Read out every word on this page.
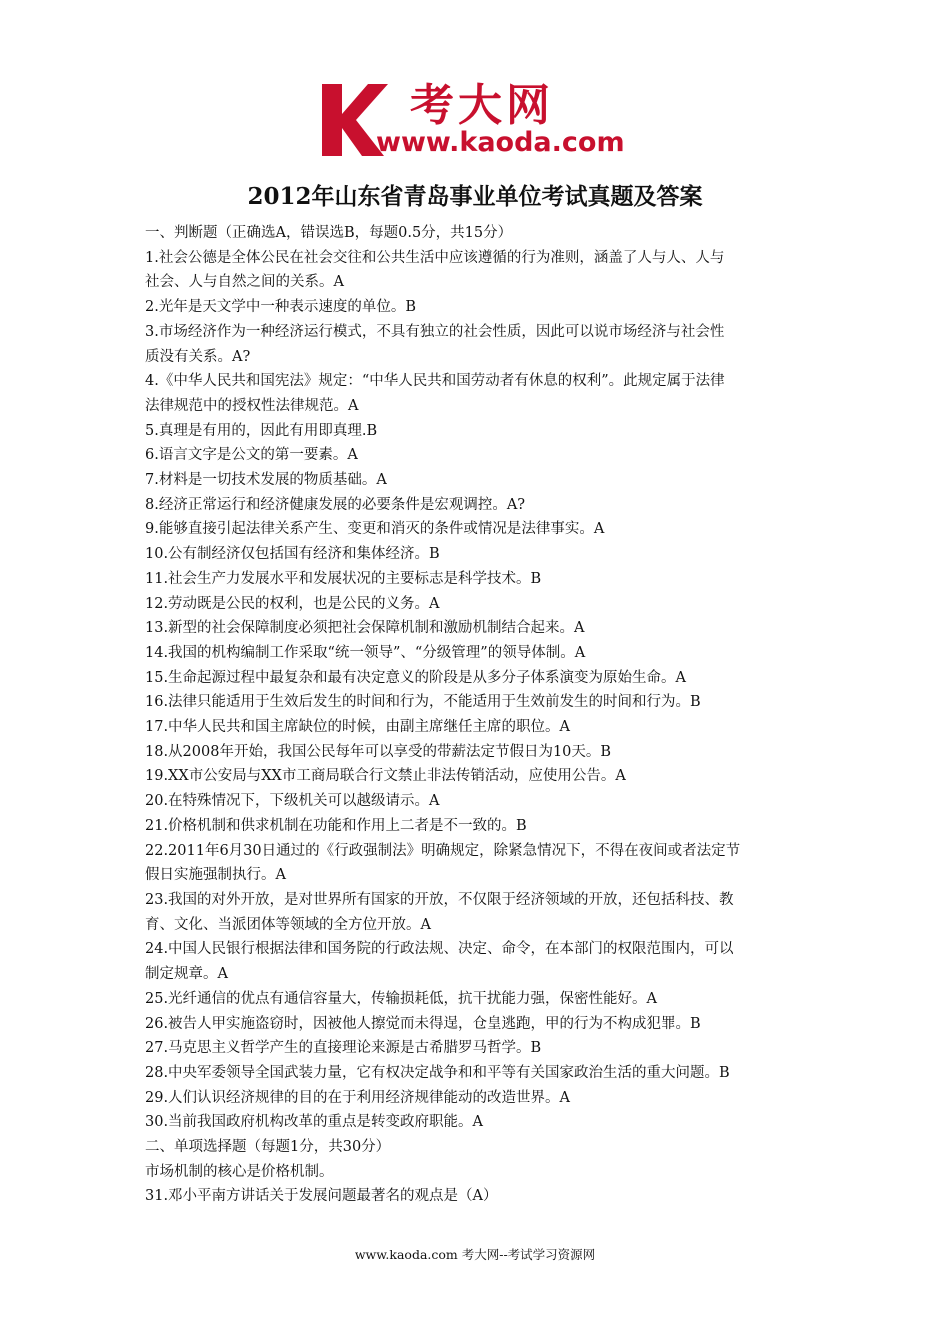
考大网
www.kaoda.com
2012年山东省青岛事业单位考试真题及答案
一、判断题（正确选A，错误选B，每题0.5分，共15分）
1.社会公德是全体公民在社会交往和公共生活中应该遵循的行为准则，涵盖了人与人、人与
社会、人与自然之间的关系。A
2.光年是天文学中一种表示速度的单位。B
3.市场经济作为一种经济运行模式，不具有独立的社会性质，因此可以说市场经济与社会性
质没有关系。A?
4.《中华人民共和国宪法》规定：“中华人民共和国劳动者有休息的权利”。此规定属于法律
法律规范中的授权性法律规范。A
5.真理是有用的，因此有用即真理.B
6.语言文字是公文的第一要素。A
7.材料是一切技术发展的物质基础。A
8.经济正常运行和经济健康发展的必要条件是宏观调控。A?
9.能够直接引起法律关系产生、变更和消灭的条件或情况是法律事实。A
10.公有制经济仅包括国有经济和集体经济。B
11.社会生产力发展水平和发展状况的主要标志是科学技术。B
12.劳动既是公民的权利，也是公民的义务。A
13.新型的社会保障制度必须把社会保障机制和激励机制结合起来。A
14.我国的机构编制工作采取“统一领导”、“分级管理”的领导体制。A
15.生命起源过程中最复杂和最有决定意义的阶段是从多分子体系演变为原始生命。A
16.法律只能适用于生效后发生的时间和行为，不能适用于生效前发生的时间和行为。B
17.中华人民共和国主席缺位的时候，由副主席继任主席的职位。A
18.从2008年开始，我国公民每年可以享受的带薪法定节假日为10天。B
19.XX市公安局与XX市工商局联合行文禁止非法传销活动，应使用公告。A
20.在特殊情况下，下级机关可以越级请示。A
21.价格机制和供求机制在功能和作用上二者是不一致的。B
22.2011年6月30日通过的《行政强制法》明确规定，除紧急情况下，不得在夜间或者法定节
假日实施强制执行。A
23.我国的对外开放，是对世界所有国家的开放，不仅限于经济领域的开放，还包括科技、教
育、文化、当派团体等领域的全方位开放。A
24.中国人民银行根据法律和国务院的行政法规、决定、命令，在本部门的权限范围内，可以
制定规章。A
25.光纤通信的优点有通信容量大，传输损耗低，抗干扰能力强，保密性能好。A
26.被告人甲实施盗窃时，因被他人擦觉而未得逞，仓皇逃跑，甲的行为不构成犯罪。B
27.马克思主义哲学产生的直接理论来源是古希腊罗马哲学。B
28.中央军委领导全国武装力量，它有权决定战争和和平等有关国家政治生活的重大问题。B
29.人们认识经济规律的目的在于利用经济规律能动的改造世界。A
30.当前我国政府机构改革的重点是转变政府职能。A
二、单项选择题（每题1分，共30分）
市场机制的核心是价格机制。
31.邓小平南方讲话关于发展问题最著名的观点是（A）
www.kaoda.com 考大网--考试学习资源网
